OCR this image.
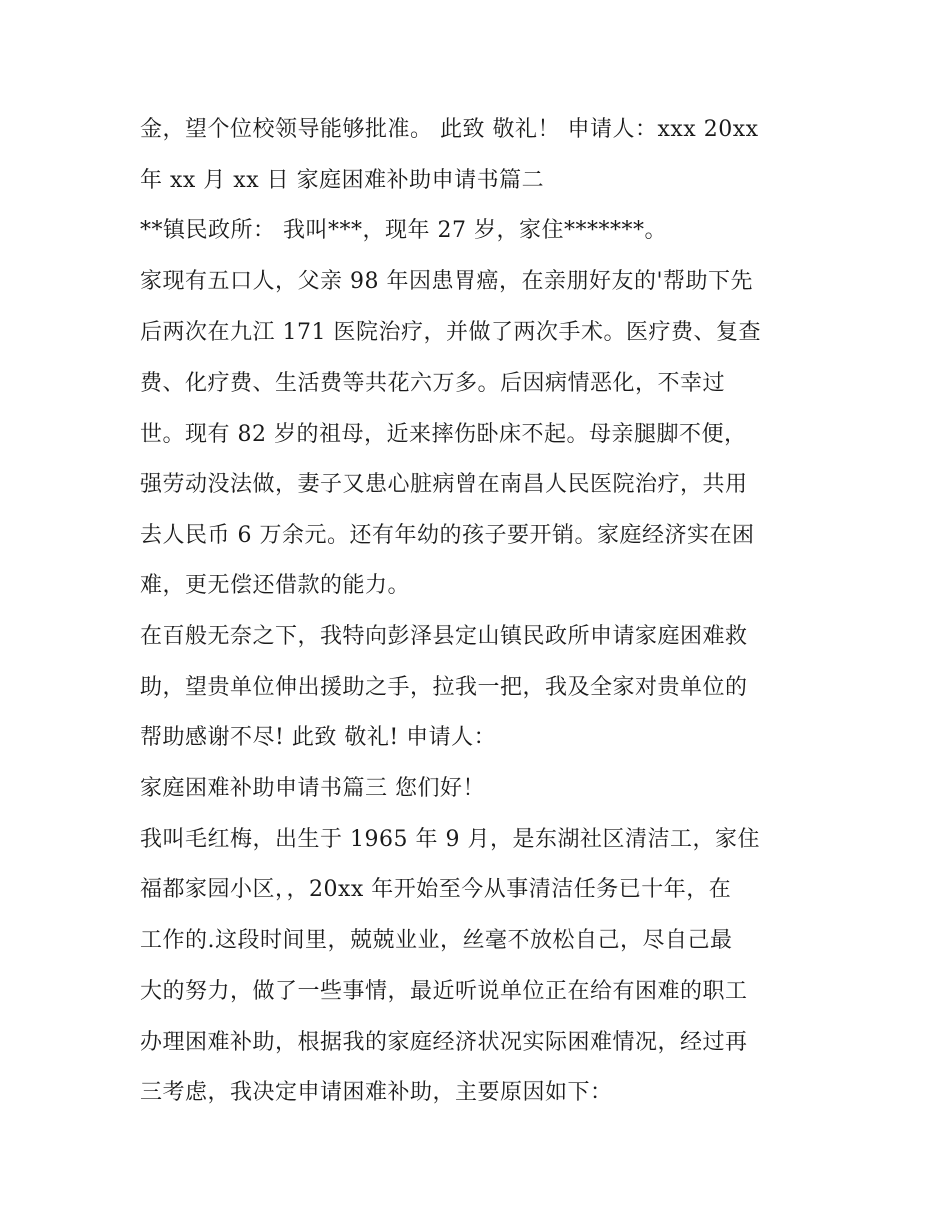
金，望个位校领导能够批准。 此致 敬礼！ 申请人：xxx 20xx
年 xx 月 xx 日 家庭困难补助申请书篇二
**镇民政所： 我叫***，现年 27 岁，家住*******。
家现有五口人，父亲 98 年因患胃癌，在亲朋好友的'帮助下先
后两次在九江 171 医院治疗，并做了两次手术。医疗费、复查
费、化疗费、生活费等共花六万多。后因病情恶化，不幸过
世。现有 82 岁的祖母，近来摔伤卧床不起。母亲腿脚不便，
强劳动没法做，妻子又患心脏病曾在南昌人民医院治疗，共用
去人民币 6 万余元。还有年幼的孩子要开销。家庭经济实在困
难，更无偿还借款的能力。
在百般无奈之下，我特向彭泽县定山镇民政所申请家庭困难救
助，望贵单位伸出援助之手，拉我一把，我及全家对贵单位的
帮助感谢不尽! 此致 敬礼! 申请人：
家庭困难补助申请书篇三 您们好！
我叫毛红梅，出生于 1965 年 9 月，是东湖社区清洁工，家住
福都家园小区，，20xx 年开始至今从事清洁任务已十年，在
工作的.这段时间里，兢兢业业，丝毫不放松自己，尽自己最
大的努力，做了一些事情，最近听说单位正在给有困难的职工
办理困难补助，根据我的家庭经济状况实际困难情况，经过再
三考虑，我决定申请困难补助，主要原因如下：
